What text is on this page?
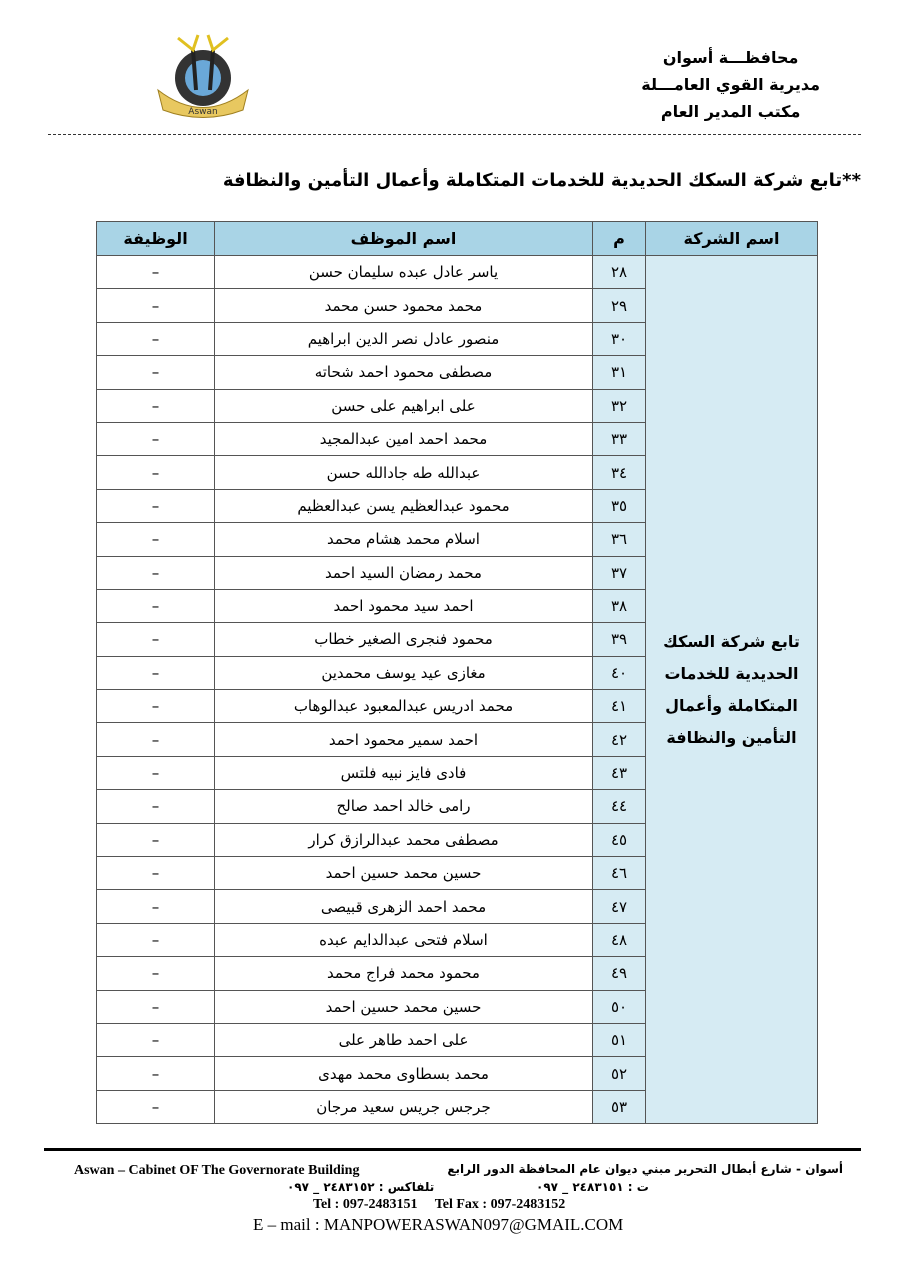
Aswan
محافظـــة أسوان
مديرية القوي العامـــلة
مكتب المدير العام
**تابع شركة السكك الحديدية للخدمات المتكاملة وأعمال التأمين والنظافة
اسم الشركة	م	اسم الموظف	الوظيفة
تابع شركة السكك الحديدية للخدمات المتكاملة وأعمال التأمين والنظافة	٢٨	ياسر عادل عبده سليمان حسن	–
	٢٩	محمد محمود حسن محمد	–
	٣٠	منصور عادل نصر الدين ابراهيم	–
	٣١	مصطفى محمود احمد شحاته	–
	٣٢	على ابراهيم على حسن	–
	٣٣	محمد احمد امين عبدالمجيد	–
	٣٤	عبدالله طه جادالله حسن	–
	٣٥	محمود عبدالعظيم يسن عبدالعظيم	–
	٣٦	اسلام محمد هشام محمد	–
	٣٧	محمد رمضان السيد احمد	–
	٣٨	احمد سيد محمود احمد	–
	٣٩	محمود فنجرى الصغير خطاب	–
	٤٠	مغازى عيد يوسف محمدين	–
	٤١	محمد ادريس عبدالمعبود عبدالوهاب	–
	٤٢	احمد سمير محمود احمد	–
	٤٣	فادى فايز نبيه فلتس	–
	٤٤	رامى خالد احمد صالح	–
	٤٥	مصطفى محمد عبدالرازق كرار	–
	٤٦	حسين محمد حسين احمد	–
	٤٧	محمد احمد الزهرى قبيصى	–
	٤٨	اسلام فتحى عبدالدايم عبده	–
	٤٩	محمود محمد فراج محمد	–
	٥٠	حسين محمد حسين احمد	–
	٥١	على احمد طاهر على	–
	٥٢	محمد بسطاوى محمد مهدى	–
	٥٣	جرجس جريس سعيد مرجان	–
Aswan – Cabinet OF The Governorate Building	أسوان - شارع أبطال التحرير مبني ديوان عام المحافظة الدور الرابع
ت : ٢٤٨٣١٥١ _ ٠٩٧
تلفاكس : ٢٤٨٣١٥٢ _ ٠٩٧
Tel : 097-2483151     Tel Fax : 097-2483152
E – mail : MANPOWERASWAN097@GMAIL.COM
